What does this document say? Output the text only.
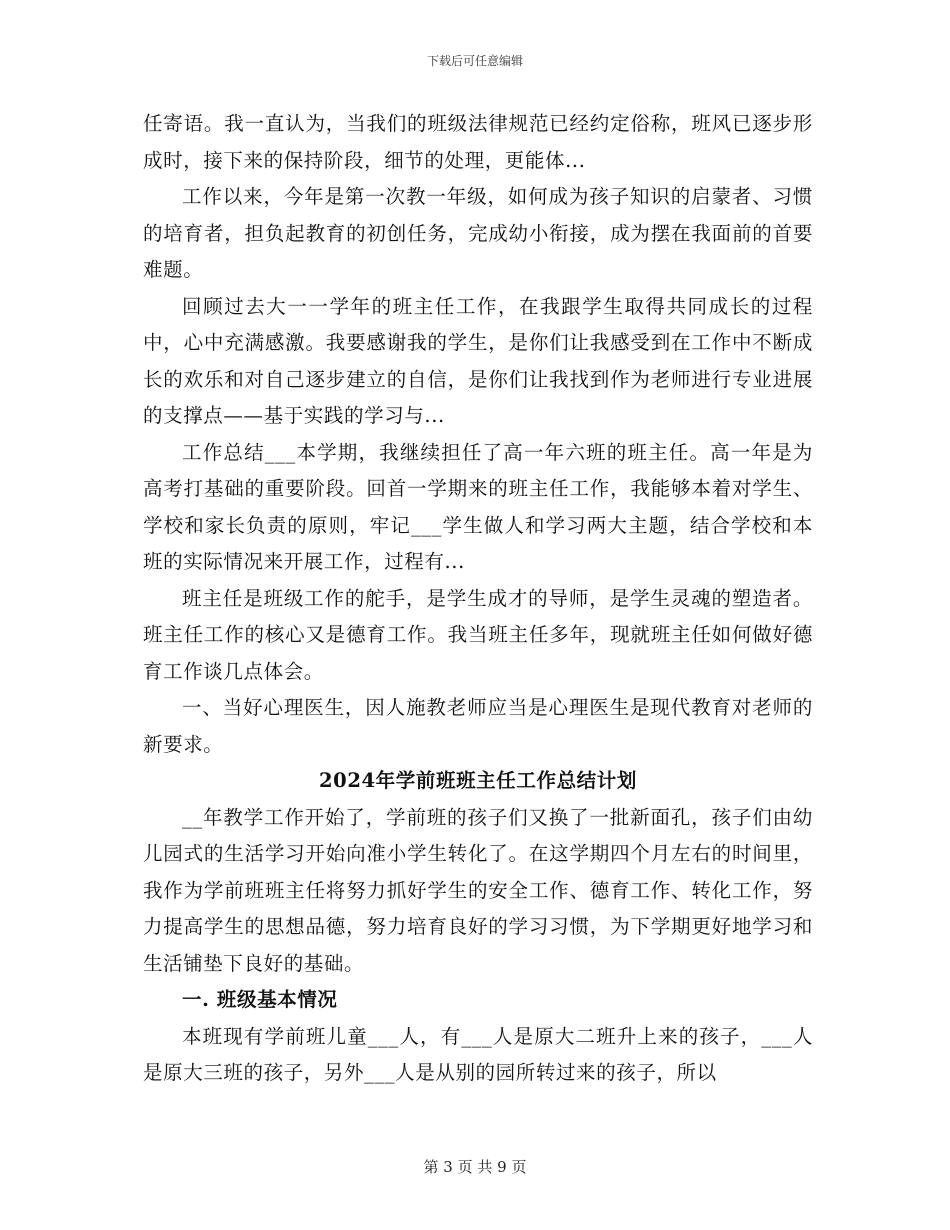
下载后可任意编辑

任寄语。我一直认为，当我们的班级法律规范已经约定俗称，班风已逐步形成时，接下来的保持阶段，细节的处理，更能体...

工作以来，今年是第一次教一年级，如何成为孩子知识的启蒙者、习惯的培育者，担负起教育的初创任务，完成幼小衔接，成为摆在我面前的首要难题。

回顾过去大一一学年的班主任工作，在我跟学生取得共同成长的过程中，心中充满感激。我要感谢我的学生，是你们让我感受到在工作中不断成长的欢乐和对自己逐步建立的自信，是你们让我找到作为老师进行专业进展的支撑点——基于实践的学习与...

工作总结___本学期，我继续担任了高一年六班的班主任。高一年是为高考打基础的重要阶段。回首一学期来的班主任工作，我能够本着对学生、学校和家长负责的原则，牢记___学生做人和学习两大主题，结合学校和本班的实际情况来开展工作，过程有...

班主任是班级工作的舵手，是学生成才的导师，是学生灵魂的塑造者。班主任工作的核心又是德育工作。我当班主任多年，现就班主任如何做好德育工作谈几点体会。

一、当好心理医生，因人施教老师应当是心理医生是现代教育对老师的新要求。

2024年学前班班主任工作总结计划

__年教学工作开始了，学前班的孩子们又换了一批新面孔，孩子们由幼儿园式的生活学习开始向准小学生转化了。在这学期四个月左右的时间里，我作为学前班班主任将努力抓好学生的安全工作、德育工作、转化工作，努力提高学生的思想品德，努力培育良好的学习习惯，为下学期更好地学习和生活铺垫下良好的基础。

一. 班级基本情况

本班现有学前班儿童___人，有___人是原大二班升上来的孩子，___人是原大三班的孩子，另外___人是从别的园所转过来的孩子，所以

第 3 页 共 9 页
